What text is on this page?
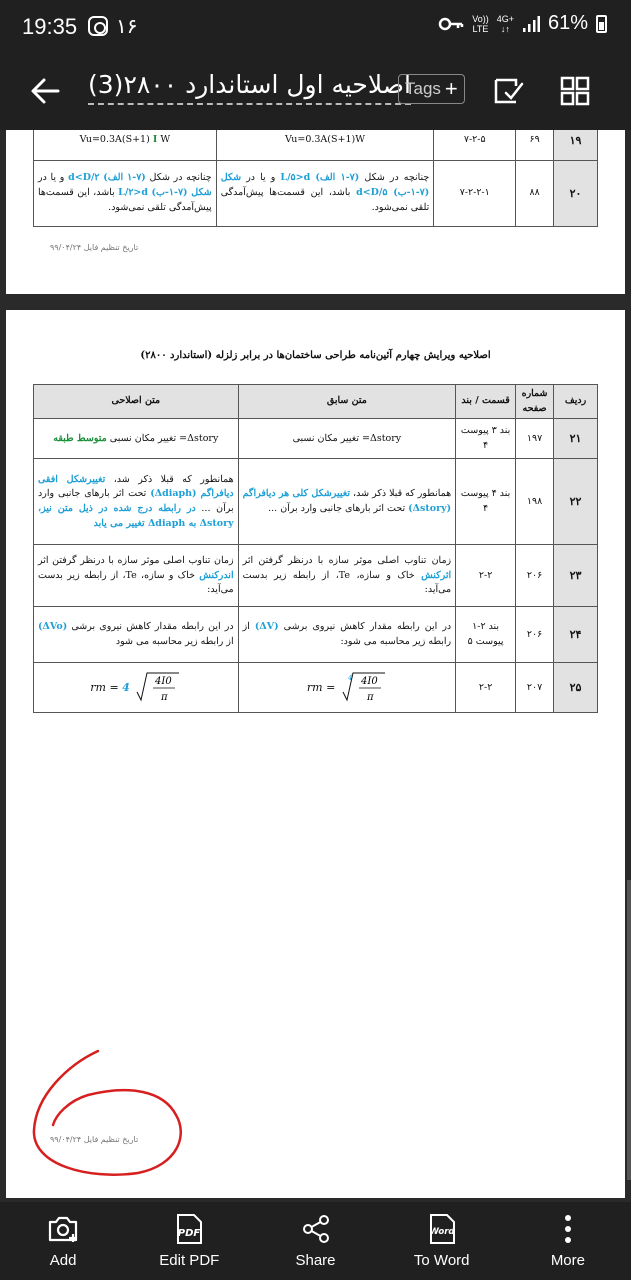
19:35 ۱۶	Vo))
LTE
4G+
↓↑ 61%
اصلاحیه اول استاندارد ۲۸۰۰(3)
Tags +
۱۹	۶۹	۷-۲-۵	Vu=0.3A(S+1)W	Vu=0.3A(S+1) I W
۲۰	۸۸	۷-۲-۲-۱	چنانچه در شکل (۷-۱ الف) L/۵>d و یا در شکل (۷-۱-ب) d<D/۵ باشد، این قسمت‌ها پیش‌آمدگی تلقی نمی‌شود.	چنانچه در شکل (۷-۱ الف) d<D/۲ و یا در شکل (۷-۱-ب) L/۲>d باشد، این قسمت‌ها پیش‌آمدگی تلقی نمی‌شود.
تاریخ تنظیم فایل ۹۹/۰۴/۲۴
اصلاحیه ویرایش چهارم آئین‌نامه طراحی ساختمان‌ها در برابر زلزله (استاندارد ۲۸۰۰)
ردیف	شماره صفحه	قسمت / بند	متن سابق	متن اصلاحی
۲۱	۱۹۷	بند ۳ پیوست ۴	Δstory= تغییر مکان نسبی	Δstory= تغییر مکان نسبی متوسط طبقه
۲۲	۱۹۸	بند ۴ پیوست ۴	همانطور که قبلا ذکر شد، تغییرشکل کلی هر دیافراگم (Δstory) تحت اثر بارهای جانبی وارد برآن ...	همانطور که قبلا ذکر شد، تغییرشکل افقی دیافراگم (Δdiaph) تحت اثر بارهای جانبی وارد برآن ... در رابطه درج شده در ذیل متن نیز، Δstory به Δdiaph تغییر می یابد
۲۳	۲۰۶	۲-۲	زمان تناوب اصلی موثر سازه با درنظر گرفتن اثر اثرکنش خاک و سازه، Te، از رابطه زیر بدست می‌آید:	زمان تناوب اصلی موثر سازه با درنظر گرفتن اثر اندرکنش خاک و سازه، Te، از رابطه زیر بدست می‌آید:
۲۴	۲۰۶	بند ۲-۱ پیوست ۵	در این رابطه مقدار کاهش نیروی برشی (ΔV) از رابطه زیر محاسبه می شود:	در این رابطه مقدار کاهش نیروی برشی (ΔVo) از رابطه زیر محاسبه می شود
۲۵	۲۰۷	۲-۲	rm =
4 4I0
π	rm = 4 4I0
π
تاریخ تنظیم فایل ۹۹/۰۴/۲۴
Add
PDF
Edit PDF	Share
Word
To Word	More
